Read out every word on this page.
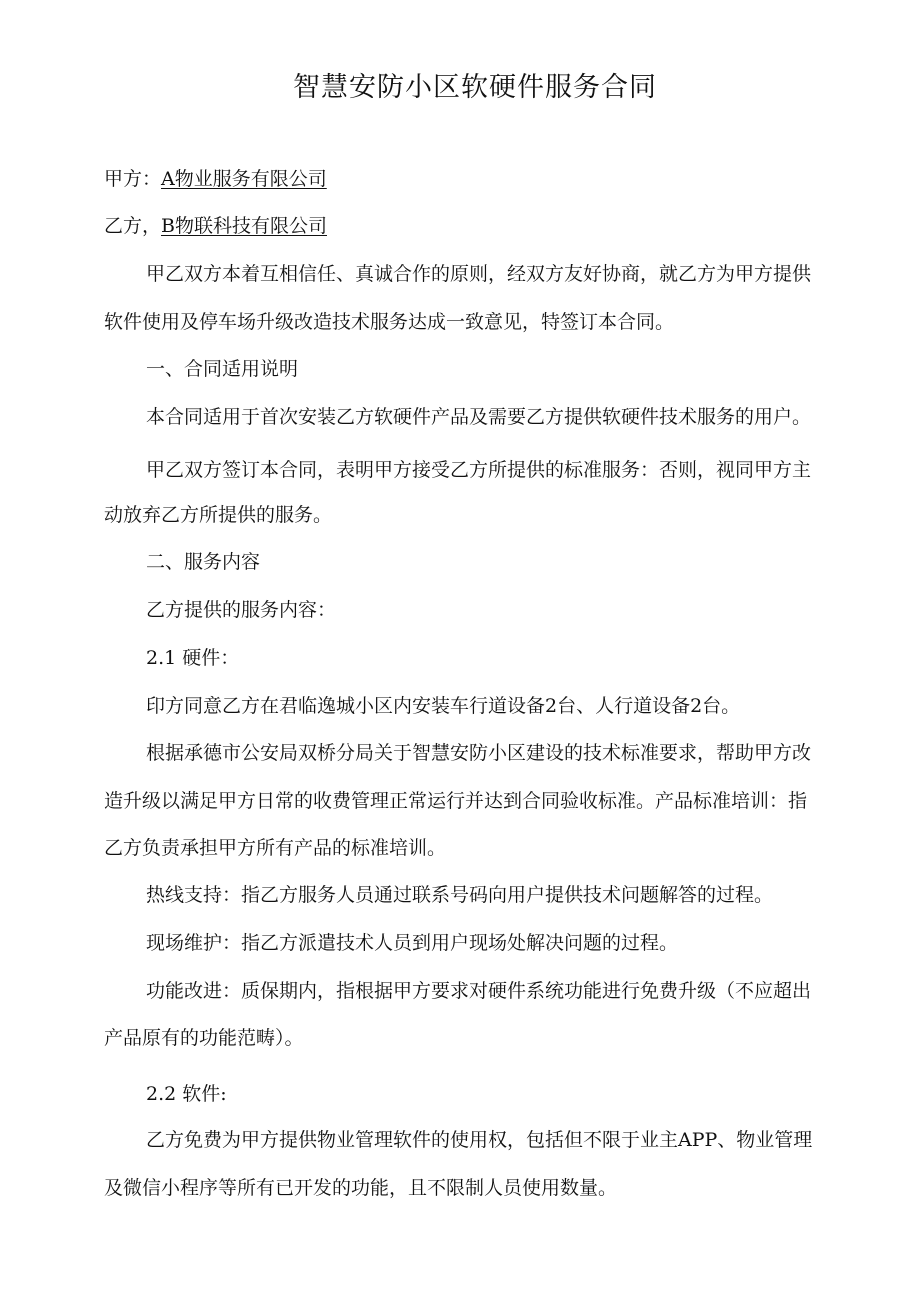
智慧安防小区软硬件服务合同
甲方：A物业服务有限公司
乙方，B物联科技有限公司
甲乙双方本着互相信任、真诚合作的原则，经双方友好协商，就乙方为甲方提供
软件使用及停车场升级改造技术服务达成一致意见，特签订本合同。
一、合同适用说明
本合同适用于首次安装乙方软硬件产品及需要乙方提供软硬件技术服务的用户。
甲乙双方签订本合同，表明甲方接受乙方所提供的标准服务：否则，视同甲方主
动放弃乙方所提供的服务。
二、服务内容
乙方提供的服务内容：
2.1 硬件：
印方同意乙方在君临逸城小区内安装车行道设备2台、人行道设备2台。
根据承德市公安局双桥分局关于智慧安防小区建设的技术标准要求，帮助甲方改
造升级以满足甲方日常的收费管理正常运行并达到合同验收标准。产品标准培训：指
乙方负责承担甲方所有产品的标准培训。
热线支持：指乙方服务人员通过联系号码向用户提供技术问题解答的过程。
现场维护：指乙方派遣技术人员到用户现场处解决问题的过程。
功能改进：质保期内，指根据甲方要求对硬件系统功能进行免费升级（不应超出
产品原有的功能范畴）。
2.2 软件:
乙方免费为甲方提供物业管理软件的使用权，包括但不限于业主APP、物业管理
及微信小程序等所有已开发的功能，且不限制人员使用数量。
